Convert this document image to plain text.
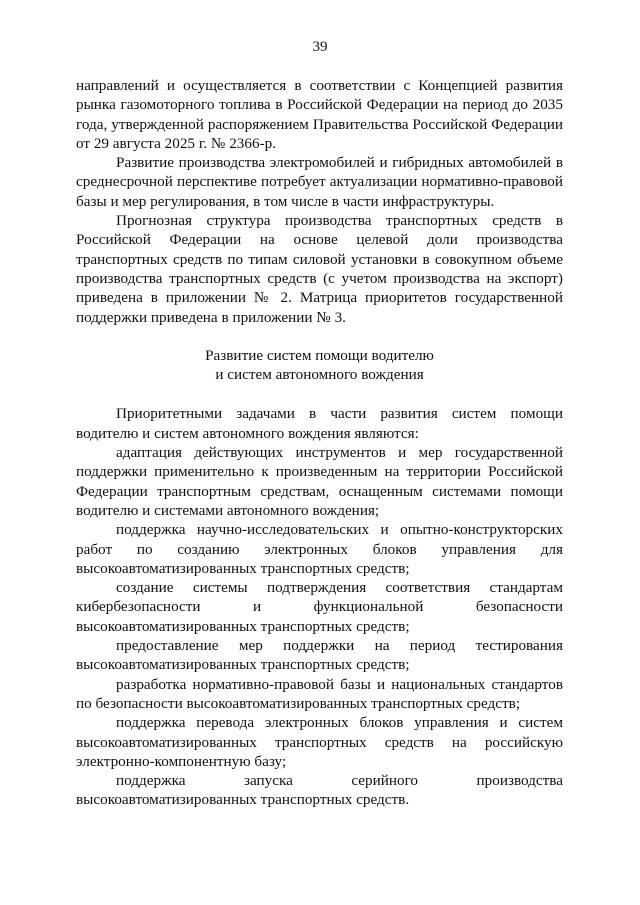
39

направлений и осуществляется в соответствии с Концепцией развития рынка газомоторного топлива в Российской Федерации на период до 2035 года, утвержденной распоряжением Правительства Российской Федерации от 29 августа 2025 г. № 2366-р.

Развитие производства электромобилей и гибридных автомобилей в среднесрочной перспективе потребует актуализации нормативно-правовой базы и мер регулирования, в том числе в части инфраструктуры.

Прогнозная структура производства транспортных средств в Российской Федерации на основе целевой доли производства транспортных средств по типам силовой установки в совокупном объеме производства транспортных средств (с учетом производства на экспорт) приведена в приложении № 2. Матрица приоритетов государственной поддержки приведена в приложении № 3.

Развитие систем помощи водителю
и систем автономного вождения

Приоритетными задачами в части развития систем помощи водителю и систем автономного вождения являются:

адаптация действующих инструментов и мер государственной поддержки применительно к произведенным на территории Российской Федерации транспортным средствам, оснащенным системами помощи водителю и системами автономного вождения;

поддержка научно-исследовательских и опытно-конструкторских работ по созданию электронных блоков управления для высокоавтоматизированных транспортных средств;

создание системы подтверждения соответствия стандартам кибербезопасности и функциональной безопасности высокоавтоматизированных транспортных средств;

предоставление мер поддержки на период тестирования высокоавтоматизированных транспортных средств;

разработка нормативно-правовой базы и национальных стандартов по безопасности высокоавтоматизированных транспортных средств;

поддержка перевода электронных блоков управления и систем высокоавтоматизированных транспортных средств на российскую электронно-компонентную базу;

поддержка запуска серийного производства высокоавтоматизированных транспортных средств.
